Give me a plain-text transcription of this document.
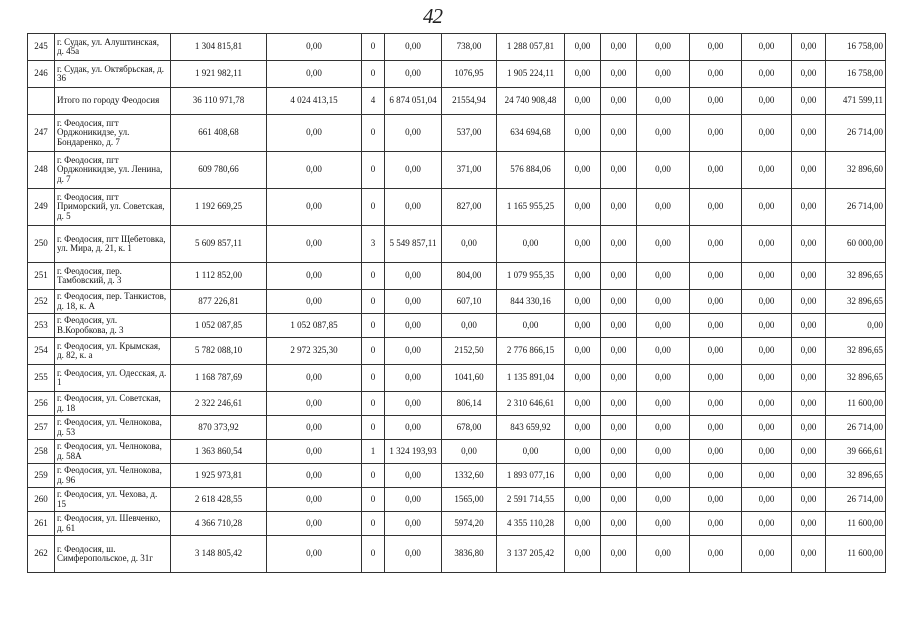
42
245	г. Судак, ул. Алуштинская, д. 45а	1 304 815,81	0,00	0	0,00	738,00	1 288 057,81	0,00	0,00	0,00	0,00	0,00	0,00	16 758,00
246	г. Судак, ул. Октябрьская, д. 36	1 921 982,11	0,00	0	0,00	1076,95	1 905 224,11	0,00	0,00	0,00	0,00	0,00	0,00	16 758,00
	Итого по городу Феодосия	36 110 971,78	4 024 413,15	4	6 874 051,04	21554,94	24 740 908,48	0,00	0,00	0,00	0,00	0,00	0,00	471 599,11
247	г. Феодосия, пгт Орджоникидзе, ул. Бондаренко, д. 7	661 408,68	0,00	0	0,00	537,00	634 694,68	0,00	0,00	0,00	0,00	0,00	0,00	26 714,00
248	г. Феодосия, пгт Орджоникидзе, ул. Ленина, д. 7	609 780,66	0,00	0	0,00	371,00	576 884,06	0,00	0,00	0,00	0,00	0,00	0,00	32 896,60
249	г. Феодосия, пгт Приморский, ул. Советская, д. 5	1 192 669,25	0,00	0	0,00	827,00	1 165 955,25	0,00	0,00	0,00	0,00	0,00	0,00	26 714,00
250	г. Феодосия, пгт Щебетовка, ул. Мира, д. 21, к. 1	5 609 857,11	0,00	3	5 549 857,11	0,00	0,00	0,00	0,00	0,00	0,00	0,00	0,00	60 000,00
251	г. Феодосия, пер. Тамбовский, д. 3	1 112 852,00	0,00	0	0,00	804,00	1 079 955,35	0,00	0,00	0,00	0,00	0,00	0,00	32 896,65
252	г. Феодосия, пер. Танкистов, д. 18, к. А	877 226,81	0,00	0	0,00	607,10	844 330,16	0,00	0,00	0,00	0,00	0,00	0,00	32 896,65
253	г. Феодосия, ул. В.Коробкова, д. 3	1 052 087,85	1 052 087,85	0	0,00	0,00	0,00	0,00	0,00	0,00	0,00	0,00	0,00	0,00
254	г. Феодосия, ул. Крымская, д. 82, к. а	5 782 088,10	2 972 325,30	0	0,00	2152,50	2 776 866,15	0,00	0,00	0,00	0,00	0,00	0,00	32 896,65
255	г. Феодосия, ул. Одесская, д. 1	1 168 787,69	0,00	0	0,00	1041,60	1 135 891,04	0,00	0,00	0,00	0,00	0,00	0,00	32 896,65
256	г. Феодосия, ул. Советская, д. 18	2 322 246,61	0,00	0	0,00	806,14	2 310 646,61	0,00	0,00	0,00	0,00	0,00	0,00	11 600,00
257	г. Феодосия, ул. Челнокова, д. 53	870 373,92	0,00	0	0,00	678,00	843 659,92	0,00	0,00	0,00	0,00	0,00	0,00	26 714,00
258	г. Феодосия, ул. Челнокова, д. 58А	1 363 860,54	0,00	1	1 324 193,93	0,00	0,00	0,00	0,00	0,00	0,00	0,00	0,00	39 666,61
259	г. Феодосия, ул. Челнокова, д. 96	1 925 973,81	0,00	0	0,00	1332,60	1 893 077,16	0,00	0,00	0,00	0,00	0,00	0,00	32 896,65
260	г. Феодосия, ул. Чехова, д. 15	2 618 428,55	0,00	0	0,00	1565,00	2 591 714,55	0,00	0,00	0,00	0,00	0,00	0,00	26 714,00
261	г. Феодосия, ул. Шевченко, д. 61	4 366 710,28	0,00	0	0,00	5974,20	4 355 110,28	0,00	0,00	0,00	0,00	0,00	0,00	11 600,00
262	г. Феодосия, ш. Симферопольское, д. 31г	3 148 805,42	0,00	0	0,00	3836,80	3 137 205,42	0,00	0,00	0,00	0,00	0,00	0,00	11 600,00
